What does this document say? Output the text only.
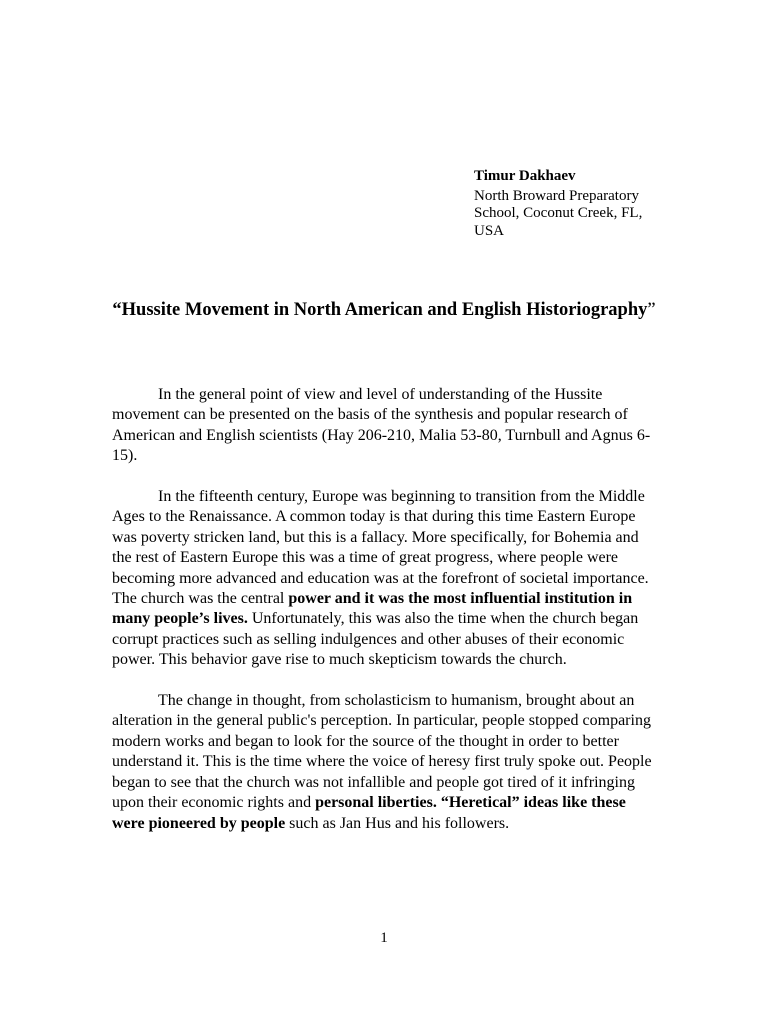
Timur Dakhaev
North Broward Preparatory School, Coconut Creek, FL, USA
“Hussite Movement in North American and English Historiography”

In the general point of view and level of understanding of the Hussite movement can be presented on the basis of the synthesis and popular research of American and English scientists (Hay 206-210, Malia 53-80, Turnbull and Agnus 6-15).

In the fifteenth century, Europe was beginning to transition from the Middle Ages to the Renaissance. A common today is that during this time Eastern Europe was poverty stricken land, but this is a fallacy. More specifically, for Bohemia and the rest of Eastern Europe this was a time of great progress, where people were becoming more advanced and education was at the forefront of societal importance. The church was the central power and it was the most influential institution in many people’s lives. Unfortunately, this was also the time when the church began corrupt practices such as selling indulgences and other abuses of their economic power. This behavior gave rise to much skepticism towards the church.

The change in thought, from scholasticism to humanism, brought about an alteration in the general public's perception. In particular, people stopped comparing modern works and began to look for the source of the thought in order to better understand it. This is the time where the voice of heresy first truly spoke out. People began to see that the church was not infallible and people got tired of it infringing upon their economic rights and personal liberties. “Heretical” ideas like these were pioneered by people such as Jan Hus and his followers.

1
